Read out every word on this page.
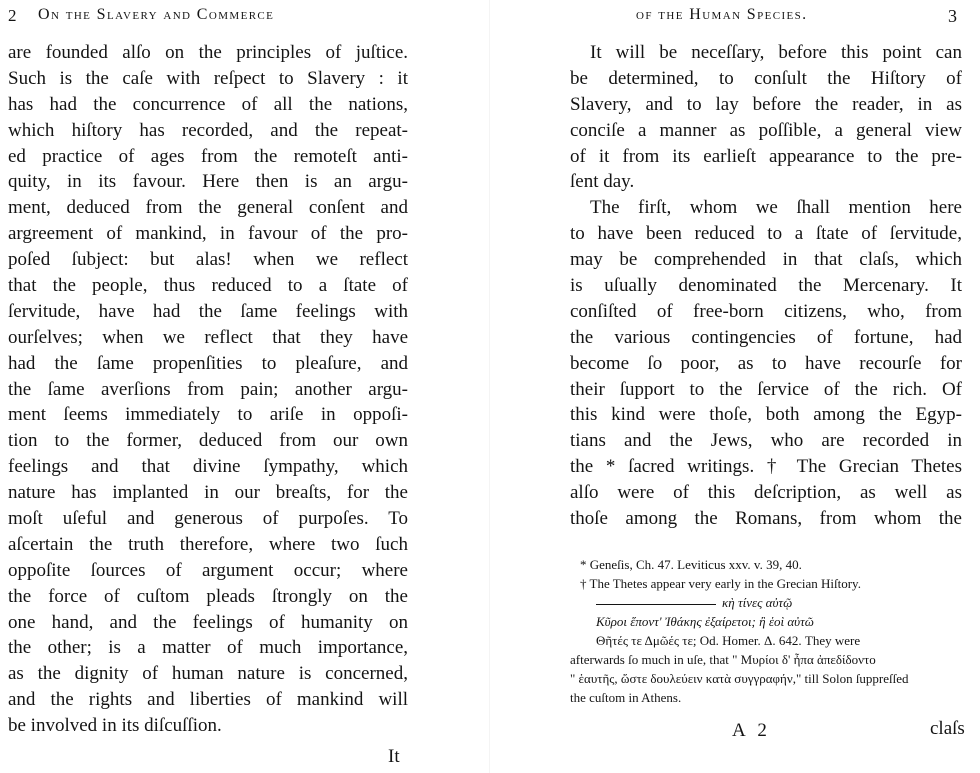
2 On the Slavery and Commerce
are founded alſo on the principles of juſtice.
Such is the caſe with reſpect to Slavery : it
has had the concurrence of all the nations,
which hiſtory has recorded, and the repeat-
ed practice of ages from the remoteſt anti-
quity, in its favour. Here then is an argu-
ment, deduced from the general conſent and
argreement of mankind, in favour of the pro-
poſed ſubject: but alas! when we reflect
that the people, thus reduced to a ſtate of
ſervitude, have had the ſame feelings with
ourſelves; when we reflect that they have
had the ſame propenſities to pleaſure, and
the ſame averſions from pain; another argu-
ment ſeems immediately to ariſe in oppoſi-
tion to the former, deduced from our own
feelings and that divine ſympathy, which
nature has implanted in our breaſts, for the
moſt uſeful and generous of purpoſes. To
aſcertain the truth therefore, where two ſuch
oppoſite ſources of argument occur; where
the force of cuſtom pleads ſtrongly on the
one hand, and the feelings of humanity on
the other; is a matter of much importance,
as the dignity of human nature is concerned,
and the rights and liberties of mankind will
be involved in its diſcuſſion.
It
of the Human Species.	3
It will be neceſſary, before this point can
be determined, to conſult the Hiſtory of
Slavery, and to lay before the reader, in as
conciſe a manner as poſſible, a general view
of it from its earlieſt appearance to the pre-
ſent day.
The firſt, whom we ſhall mention here
to have been reduced to a ſtate of ſervitude,
may be comprehended in that claſs, which
is uſually denominated the Mercenary. It
conſiſted of free-born citizens, who, from
the various contingencies of fortune, had
become ſo poor, as to have recourſe for
their ſupport to the ſervice of the rich. Of
this kind were thoſe, both among the Egyp-
tians and the Jews, who are recorded in
the * ſacred writings. † The Grecian Thetes
alſo were of this deſcription, as well as
thoſe among the Romans, from whom the
* Geneſis, Ch. 47. Leviticus xxv. v. 39, 40.
† The Thetes appear very early in the Grecian Hiſtory.
κὴ τίνες αὐτῷ
Κῦροι ἕποντ' Ἰθάκης ἐξαίρετοι; ἢ ἑοὶ αὐτῶ
Θῆτές τε Δμῶές τε; Od. Homer. Δ. 642. They were
afterwards ſo much in uſe, that " Μυρίοι δ' ἦπα ἀπεδίδοντο
" ἑαυτῆς, ὥστε δουλεύειν κατὰ συγγραφήν," till Solon ſuppreſſed
the cuſtom in Athens.
A 2	claſs
